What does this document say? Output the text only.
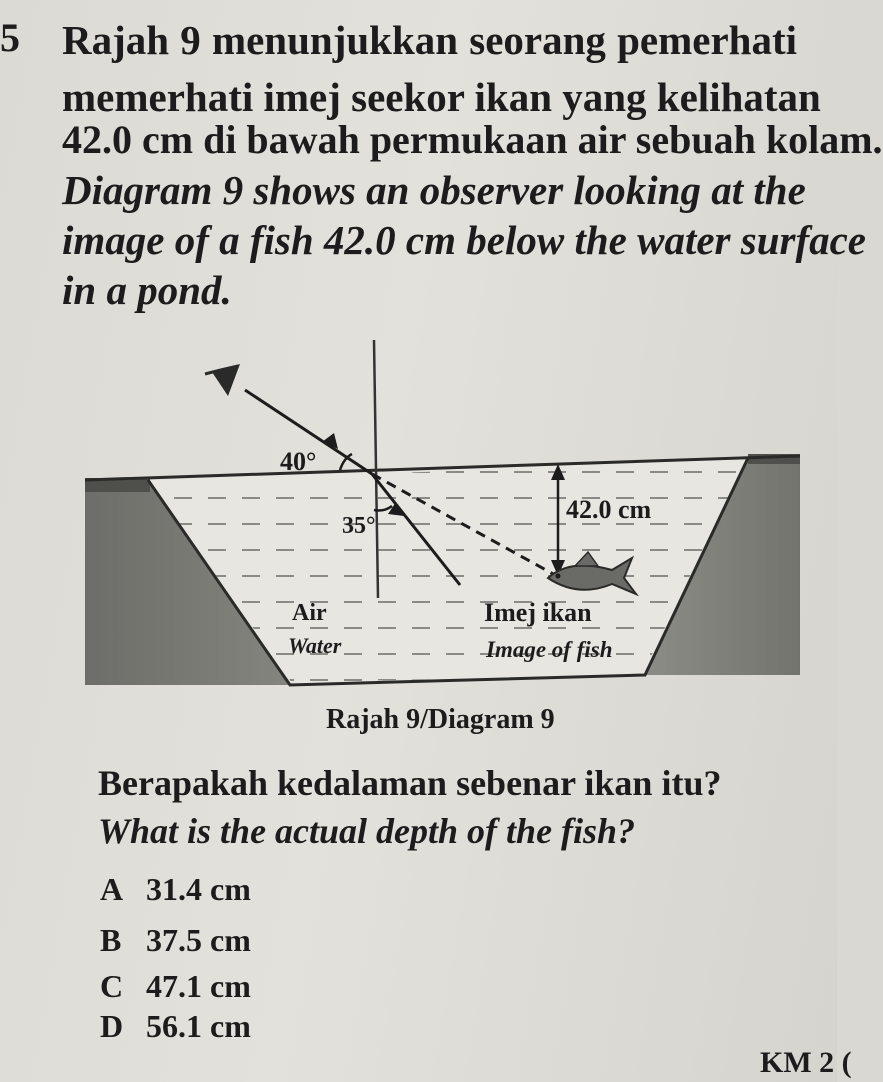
5 Rajah 9 menunjukkan seorang pemerhati
memerhati imej seekor ikan yang kelihatan
42.0 cm di bawah permukaan air sebuah kolam.
Diagram 9 shows an observer looking at the
image of a fish 42.0 cm below the water surface
in a pond.
40°
35°
42.0 cm
Air
Water
Imej ikan
Image of fish
Rajah 9/Diagram 9
Berapakah kedalaman sebenar ikan itu?
What is the actual depth of the fish?
A 31.4 cm
B 37.5 cm
C 47.1 cm
D 56.1 cm
KM 2 (
